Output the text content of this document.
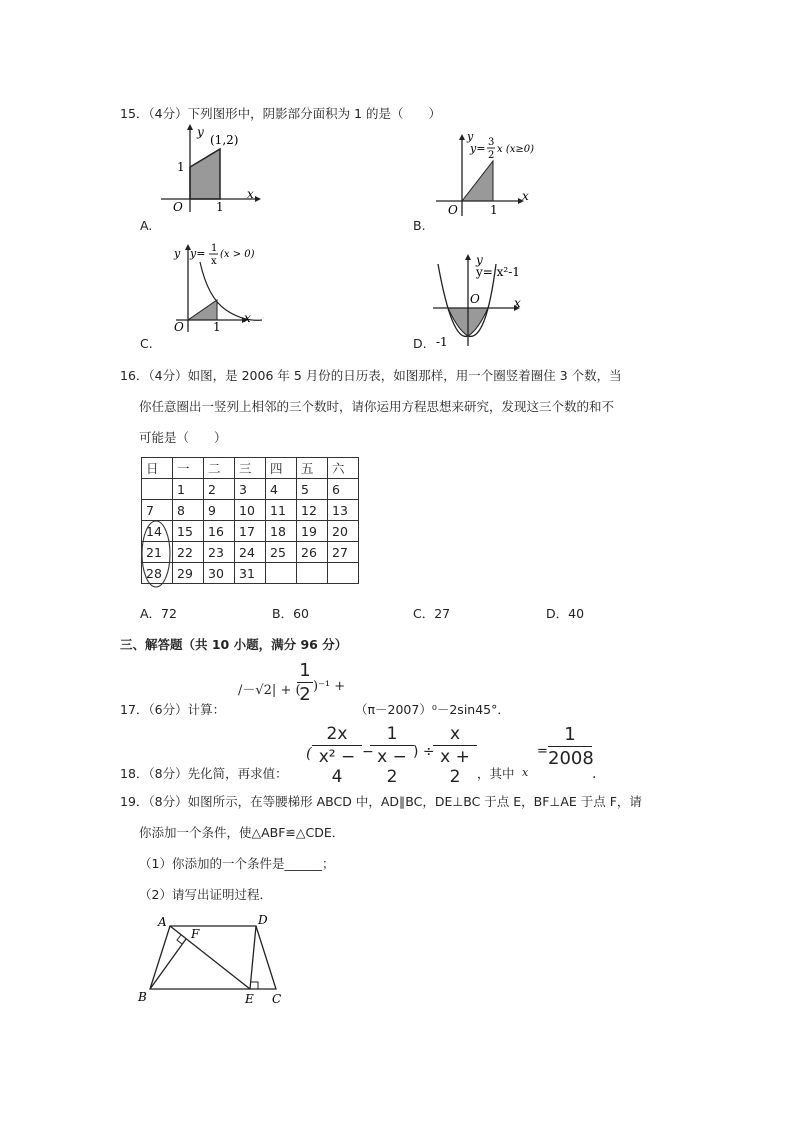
15．（4分）下列图形中，阴影部分面积为 1 的是（　　）
y
(1,2)
1
O	1
x
A.
y
y= 3
2
x (x≥0)
O	1
x
B.
y y= 1
x
(x > 0)
O 1
x
C.
y
y= x²-1
O	x
-1
D.
16．（4分）如图，是 2006 年 5 月份的日历表，如图那样，用一个圈竖着圈住 3 个数，当
你任意圈出一竖列上相邻的三个数时，请你运用方程思想来研究，发现这三个数的和不
可能是（　　）
日	一	二	三	四	五	六
	1	2	3	4	5	6
7	8	9	10	11	12	13
14	15	16	17	18	19	20
21	22	23	24	25	26	27
28	29	30	31			
A．72	B．60	C．27	D．40
三、解答题（共 10 小题，满分 96 分）
17．（6分）计算：
/－√2| + (
1
2 )⁻¹ +
（π－2007）⁰－2sin45°．
18．（8分）先化简，再求值：
(
2x
x² − 4
−
1
x − 2
) ÷
x
x + 2	，其中 x
=
1
2008
.
19．（8分）如图所示，在等腰梯形 ABCD 中，AD∥BC，DE⊥BC 于点 E，BF⊥AE 于点 F，请
你添加一个条件，使△ABF≌△CDE．
（1）你添加的一个条件是______；
（2）请写出证明过程．
A	D
F
B	E C
